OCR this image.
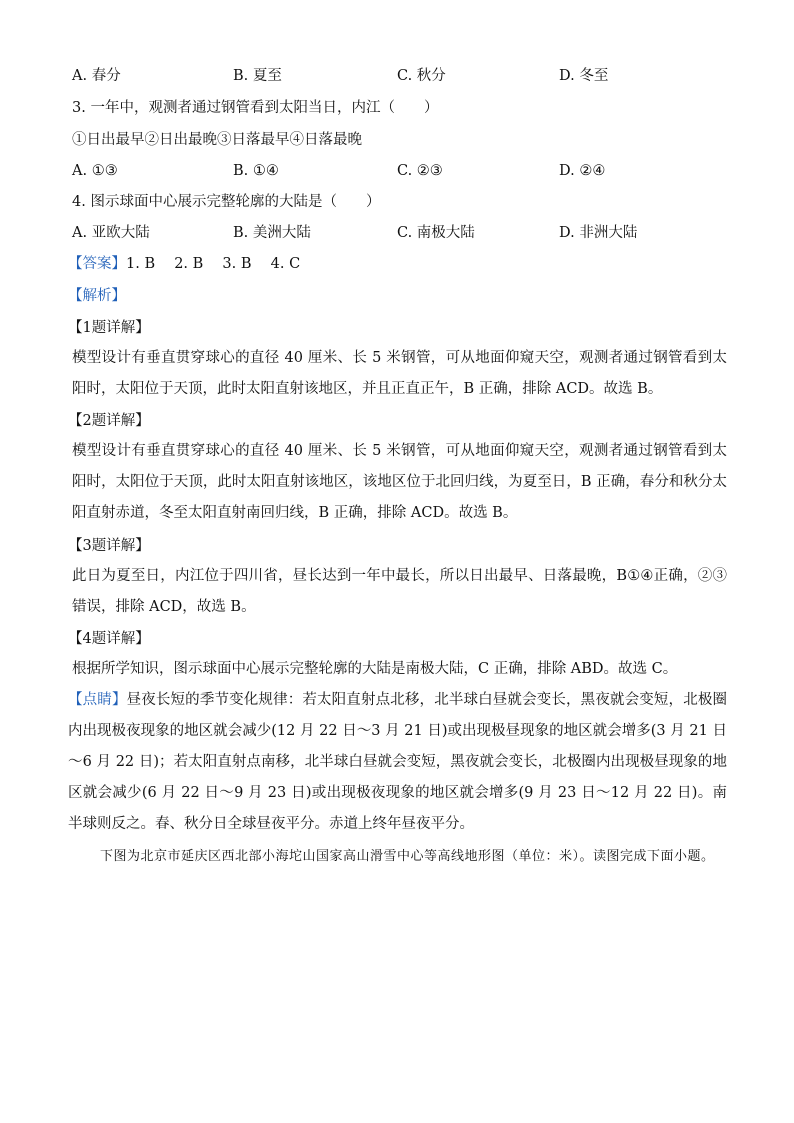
A. 春分	B. 夏至	C. 秋分	D. 冬至
3. 一年中，观测者通过钢管看到太阳当日，内江（　　）
①日出最早②日出最晚③日落最早④日落最晚
A. ①③	B. ①④	C. ②③	D. ②④
4. 图示球面中心展示完整轮廓的大陆是（　　）
A. 亚欧大陆	B. 美洲大陆	C. 南极大陆	D. 非洲大陆
【答案】1. B　 2. B　 3. B　 4. C
【解析】
【1题详解】
模型设计有垂直贯穿球心的直径 40 厘米、长 5 米钢管，可从地面仰窥天空，观测者通过钢管看到太阳时，太阳位于天顶，此时太阳直射该地区，并且正直正午，B 正确，排除 ACD。故选 B。
【2题详解】
模型设计有垂直贯穿球心的直径 40 厘米、长 5 米钢管，可从地面仰窥天空，观测者通过钢管看到太阳时，太阳位于天顶，此时太阳直射该地区，该地区位于北回归线，为夏至日，B 正确，春分和秋分太阳直射赤道，冬至太阳直射南回归线，B 正确，排除 ACD。故选 B。
【3题详解】
此日为夏至日，内江位于四川省，昼长达到一年中最长，所以日出最早、日落最晚，B①④正确，②③错误，排除 ACD，故选 B。
【4题详解】
根据所学知识，图示球面中心展示完整轮廓的大陆是南极大陆，C 正确，排除 ABD。故选 C。
【点睛】昼夜长短的季节变化规律：若太阳直射点北移，北半球白昼就会变长，黑夜就会变短，北极圈内出现极夜现象的地区就会减少(12 月 22 日～3 月 21 日)或出现极昼现象的地区就会增多(3 月 21 日～6 月 22 日)；若太阳直射点南移，北半球白昼就会变短，黑夜就会变长，北极圈内出现极昼现象的地区就会减少(6 月 22 日～9 月 23 日)或出现极夜现象的地区就会增多(9 月 23 日～12 月 22 日)。南半球则反之。春、秋分日全球昼夜平分。赤道上终年昼夜平分。
下图为北京市延庆区西北部小海坨山国家高山滑雪中心等高线地形图（单位：米）。读图完成下面小题。
